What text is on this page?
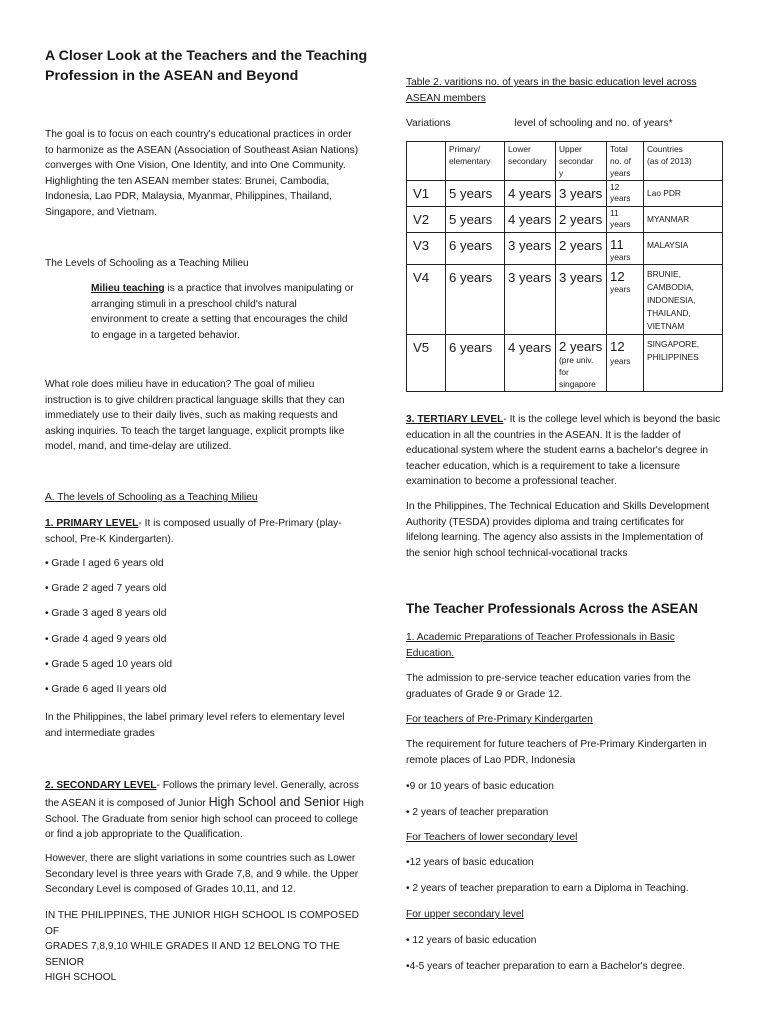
A Closer Look at the Teachers and the Teaching
Profession in the ASEAN and Beyond

The goal is to focus on each country's educational practices in order

to harmonize as the ASEAN (Association of Southeast Asian Nations)

converges with One Vision, One Identity, and into One Community.

Highlighting the ten ASEAN member states: Brunei, Cambodia,

Indonesia, Lao PDR, Malaysia, Myanmar, Philippines, Thailand,

Singapore, and Vietnam.

The Levels of Schooling as a Teaching Milieu

Milieu teaching is a practice that involves manipulating or

arranging stimuli in a preschool child's natural

environment to create a setting that encourages the child

to engage in a targeted behavior.

What role does milieu have in education? The goal of milieu

instruction is to give children practical language skills that they can

immediately use to their daily lives, such as making requests and

asking inquiries. To teach the target language, explicit prompts like

model, mand, and time-delay are utilized.

A. The levels of Schooling as a Teaching Milieu

1. PRIMARY LEVEL- It is composed usually of Pre-Primary (play-

school, Pre-K Kindergarten).

• Grade I aged 6 years old

• Grade 2 aged 7 years old

• Grade 3 aged 8 years old

• Grade 4 aged 9 years old

• Grade 5 aged 10 years old

• Grade 6 aged II years old

In the Philippines, the label primary level refers to elementary level

and intermediate grades

2. SECONDARY LEVEL- Follows the primary level. Generally, across

the ASEAN it is composed of Junior High School and Senior High

School. The Graduate from senior high school can proceed to college

or find a job appropriate to the Qualification.

However, there are slight variations in some countries such as Lower

Secondary level is three years with Grade 7,8, and 9 while. the Upper

Secondary Level is composed of Grades 10,11, and 12.

IN THE PHILIPPINES, THE JUNIOR HIGH SCHOOL IS COMPOSED OF

GRADES 7,8,9,10 WHILE GRADES II AND 12 BELONG TO THE SENIOR

HIGH SCHOOL

Table 2. varitions no. of years in the basic education level across

ASEAN members

Variations	level of schooling and no. of years*

	Primary/
elementary	Lower
secondary	Upper
secondar
y	Total
no. of
years	Countries
(as of 2013)
V1	5 years	4 years	3 years	12
years	Lao PDR
V2	5 years	4 years	2 years	11
years	MYANMAR
V3	6 years	3 years	2 years	11
years	MALAYSIA
V4	6 years	3 years	3 years	12
years	BRUNIE,
CAMBODIA,
INDONESIA,
THAILAND,
VIETNAM
V5	6 years	4 years	2 years
(pre univ.
for
singapore	12
years	SINGAPORE,
PHILIPPINES

3. TERTIARY LEVEL- It is the college level which is beyond the basic

education in all the countries in the ASEAN. It is the ladder of

educational system where the student earns a bachelor's degree in

teacher education, which is a requirement to take a licensure

examination to become a professional teacher.

In the Philippines, The Technical Education and Skills Development

Authority (TESDA) provides diploma and traing certificates for

lifelong learning. The agency also assists in the Implementation of

the senior high school technical-vocational tracks

The Teacher Professionals Across the ASEAN

1. Academic Preparations of Teacher Professionals in Basic

Education.

The admission to pre-service teacher education varies from the

graduates of Grade 9 or Grade 12.

For teachers of Pre-Primary Kindergarten

The requirement for future teachers of Pre-Primary Kindergarten in

remote places of Lao PDR, Indonesia

•9 or 10 years of basic education

• 2 years of teacher preparation

For Teachers of lower secondary level

•12 years of basic education

• 2 years of teacher preparation to earn a Diploma in Teaching.

For upper secondary level

• 12 years of basic education

•4-5 years of teacher preparation to earn a Bachelor's degree.
